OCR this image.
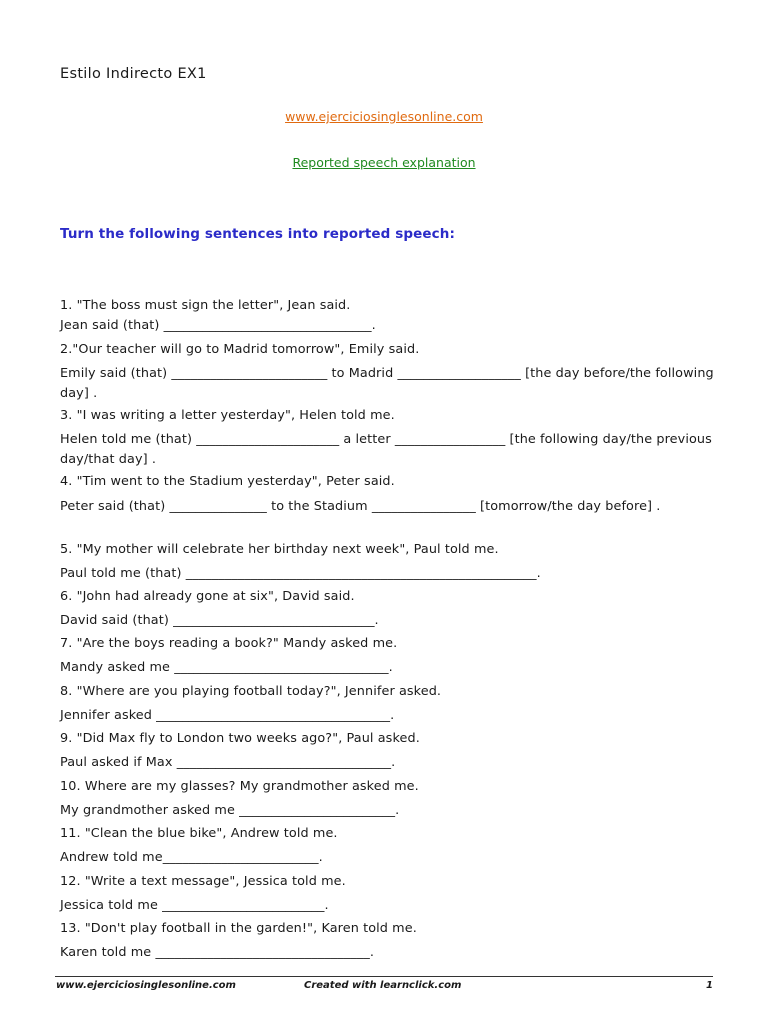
Estilo Indirecto EX1
www.ejerciciosinglesonline.com
Reported speech explanation
Turn the following sentences into reported speech:
1. "The boss must sign the letter", Jean said.
Jean said (that) ________________________________.
2."Our teacher will go to Madrid tomorrow", Emily said.
Emily said (that) ________________________ to Madrid ___________________ [the day before/the following day] .
3. "I was writing a letter yesterday", Helen told me.
Helen told me (that) ______________________ a letter _________________ [the following day/the previous day/that day] .
4. "Tim went to the Stadium yesterday", Peter said.
Peter said (that) _______________ to the Stadium ________________ [tomorrow/the day before] .
5. "My mother will celebrate her birthday next week", Paul told me.
Paul told me (that) ______________________________________________________.
6. "John had already gone at six", David said.
David said (that) _______________________________.
7. "Are the boys reading a book?" Mandy asked me.
Mandy asked me _________________________________.
8. "Where are you playing football today?", Jennifer asked.
Jennifer asked ____________________________________.
9. "Did Max fly to London two weeks ago?", Paul asked.
Paul asked if Max _________________________________.
10. Where are my glasses? My grandmother asked me.
My grandmother asked me ________________________.
11. "Clean the blue bike", Andrew told me.
Andrew told me________________________.
12. "Write a text message", Jessica told me.
Jessica told me _________________________.
13. "Don't play football in the garden!", Karen told me.
Karen told me _________________________________.
www.ejerciciosinglesonline.com	Created with learnclick.com	1
